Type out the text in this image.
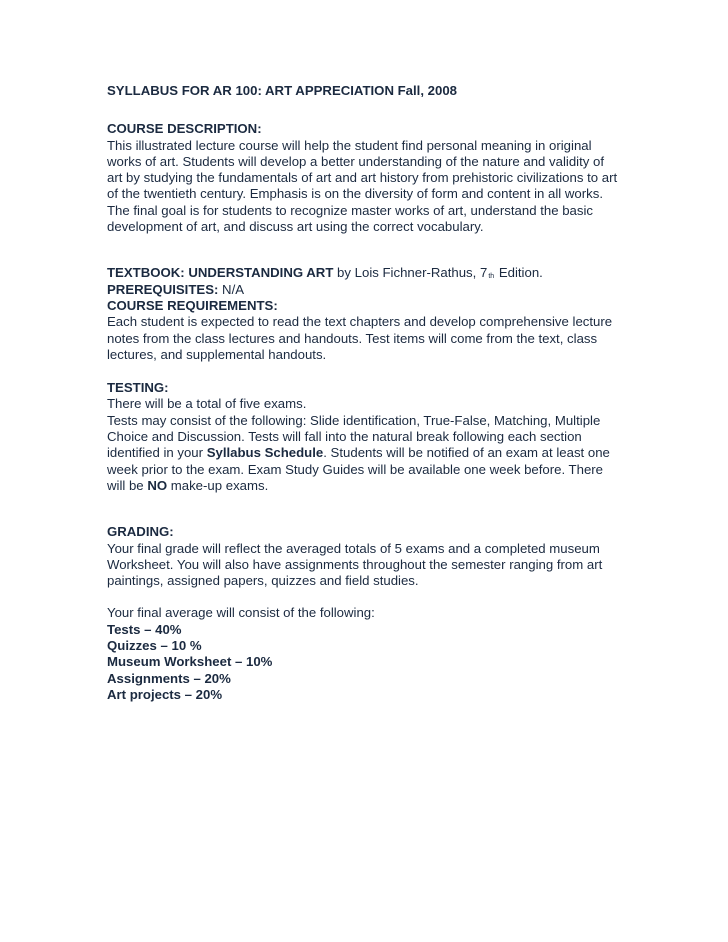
SYLLABUS FOR AR 100: ART APPRECIATION Fall, 2008
COURSE DESCRIPTION:
This illustrated lecture course will help the student find personal meaning in original
works of art. Students will develop a better understanding of the nature and validity of
art by studying the fundamentals of art and art history from prehistoric civilizations to art
of the twentieth century. Emphasis is on the diversity of form and content in all works.
The final goal is for students to recognize master works of art, understand the basic
development of art, and discuss art using the correct vocabulary.
TEXTBOOK: UNDERSTANDING ART by Lois Fichner-Rathus, $7_{th}$ Edition.
PREREQUISITES: N/A
COURSE REQUIREMENTS:
Each student is expected to read the text chapters and develop comprehensive lecture
notes from the class lectures and handouts. Test items will come from the text, class
lectures, and supplemental handouts.
TESTING:
There will be a total of five exams.
Tests may consist of the following: Slide identification, True-False, Matching, Multiple
Choice and Discussion. Tests will fall into the natural break following each section
identified in your Syllabus Schedule. Students will be notified of an exam at least one
week prior to the exam. Exam Study Guides will be available one week before. There
will be NO make-up exams.
GRADING:
Your final grade will reflect the averaged totals of 5 exams and a completed museum
Worksheet. You will also have assignments throughout the semester ranging from art
paintings, assigned papers, quizzes and field studies.
Your final average will consist of the following:
Tests – 40%
Quizzes – 10 %
Museum Worksheet – 10%
Assignments – 20%
Art projects – 20%
